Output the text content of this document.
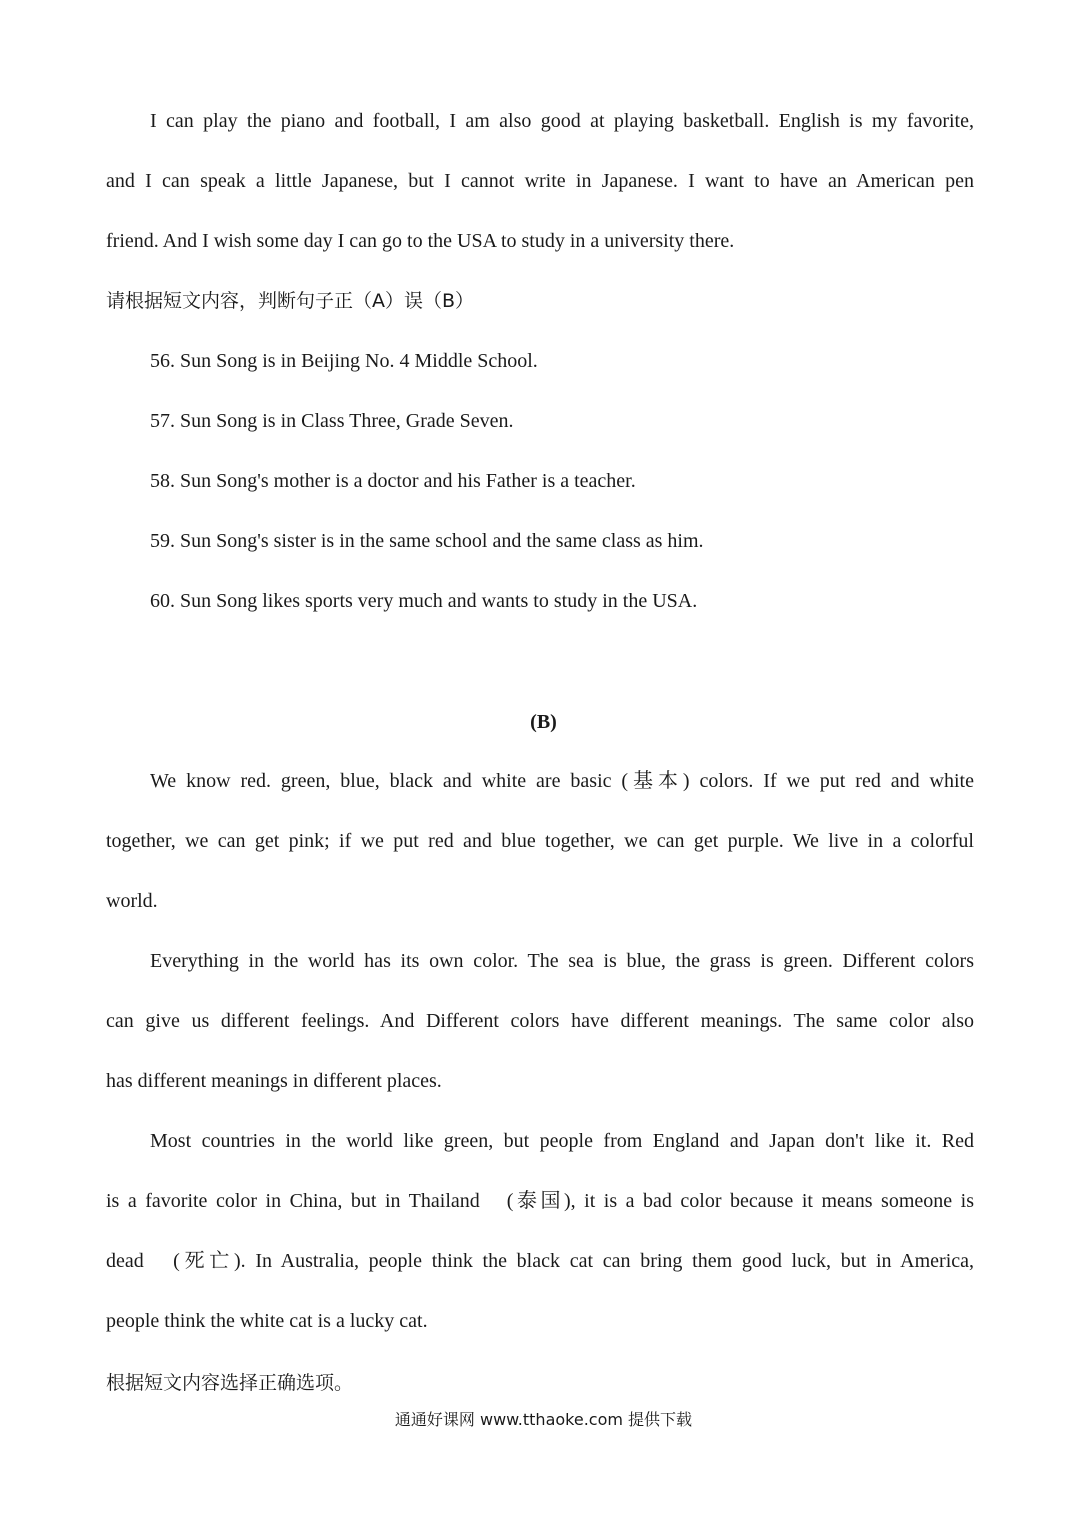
I can play the piano and football, I am also good at playing basketball. English is my favorite,
and I can speak a little Japanese, but I cannot write in Japanese. I want to have an American pen
friend. And I wish some day I can go to the USA to study in a university there.
请根据短文内容，判断句子正（A）误（B）
56. Sun Song is in Beijing No. 4 Middle School.
57. Sun Song is in Class Three, Grade Seven.
58. Sun Song's mother is a doctor and his Father is a teacher.
59. Sun Song's sister is in the same school and the same class as him.
60. Sun Song likes sports very much and wants to study in the USA.
(B)
We know red. green, blue, black and white are basic (基本) colors. If we put red and white
together, we can get pink; if we put red and blue together, we can get purple. We live in a colorful
world.
Everything in the world has its own color. The sea is blue, the grass is green. Different colors
can give us different feelings. And Different colors have different meanings. The same color also
has different meanings in different places.
Most countries in the world like green, but people from England and Japan don't like it. Red
is a favorite color in China, but in Thailand　(泰国), it is a bad color because it means someone is
dead　(死亡). In Australia, people think the black cat can bring them good luck, but in America,
people think the white cat is a lucky cat.
根据短文内容选择正确选项。
通通好课网 www.tthaoke.com 提供下载
